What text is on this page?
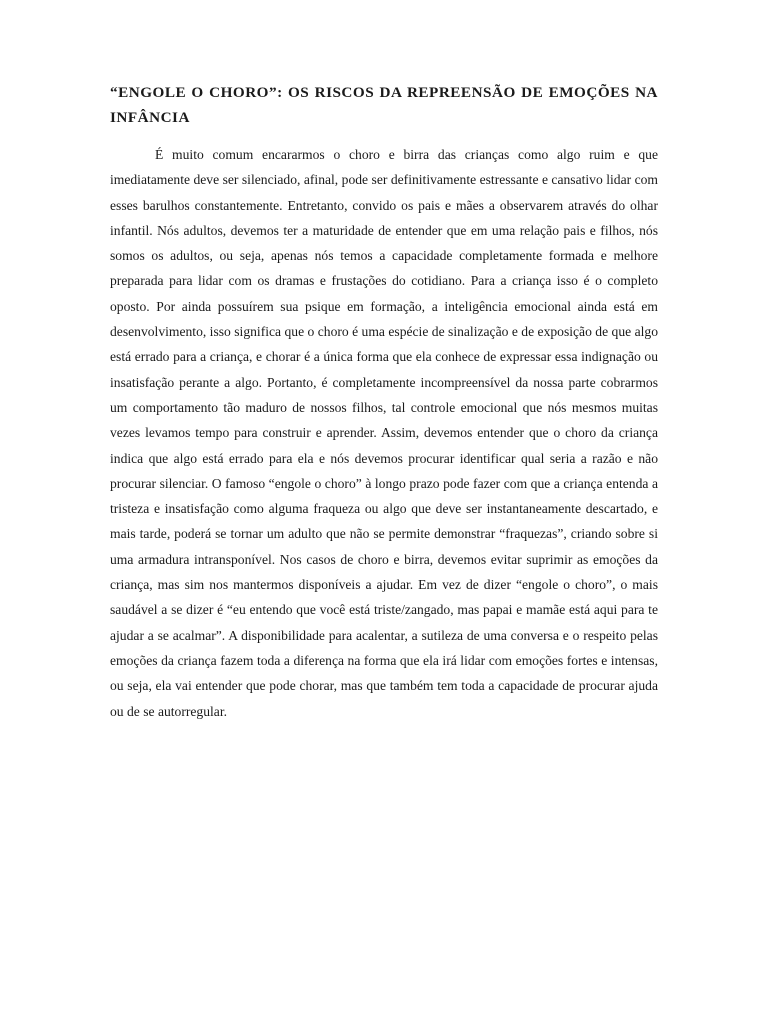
“ENGOLE O CHORO”: OS RISCOS DA REPREENSÃO DE EMOÇÕES NA INFÂNCIA

É muito comum encararmos o choro e birra das crianças como algo ruim e que imediatamente deve ser silenciado, afinal, pode ser definitivamente estressante e cansativo lidar com esses barulhos constantemente. Entretanto, convido os pais e mães a observarem através do olhar infantil. Nós adultos, devemos ter a maturidade de entender que em uma relação pais e filhos, nós somos os adultos, ou seja, apenas nós temos a capacidade completamente formada e melhore preparada para lidar com os dramas e frustações do cotidiano. Para a criança isso é o completo oposto. Por ainda possuírem sua psique em formação, a inteligência emocional ainda está em desenvolvimento, isso significa que o choro é uma espécie de sinalização e de exposição de que algo está errado para a criança, e chorar é a única forma que ela conhece de expressar essa indignação ou insatisfação perante a algo. Portanto, é completamente incompreensível da nossa parte cobrarmos um comportamento tão maduro de nossos filhos, tal controle emocional que nós mesmos muitas vezes levamos tempo para construir e aprender. Assim, devemos entender que o choro da criança indica que algo está errado para ela e nós devemos procurar identificar qual seria a razão e não procurar silenciar. O famoso “engole o choro” à longo prazo pode fazer com que a criança entenda a tristeza e insatisfação como alguma fraqueza ou algo que deve ser instantaneamente descartado, e mais tarde, poderá se tornar um adulto que não se permite demonstrar “fraquezas”, criando sobre si uma armadura intransponível. Nos casos de choro e birra, devemos evitar suprimir as emoções da criança, mas sim nos mantermos disponíveis a ajudar. Em vez de dizer “engole o choro”, o mais saudável a se dizer é “eu entendo que você está triste/zangado, mas papai e mamãe está aqui para te ajudar a se acalmar”. A disponibilidade para acalentar, a sutileza de uma conversa e o respeito pelas emoções da criança fazem toda a diferença na forma que ela irá lidar com emoções fortes e intensas, ou seja, ela vai entender que pode chorar, mas que também tem toda a capacidade de procurar ajuda ou de se autorregular.
